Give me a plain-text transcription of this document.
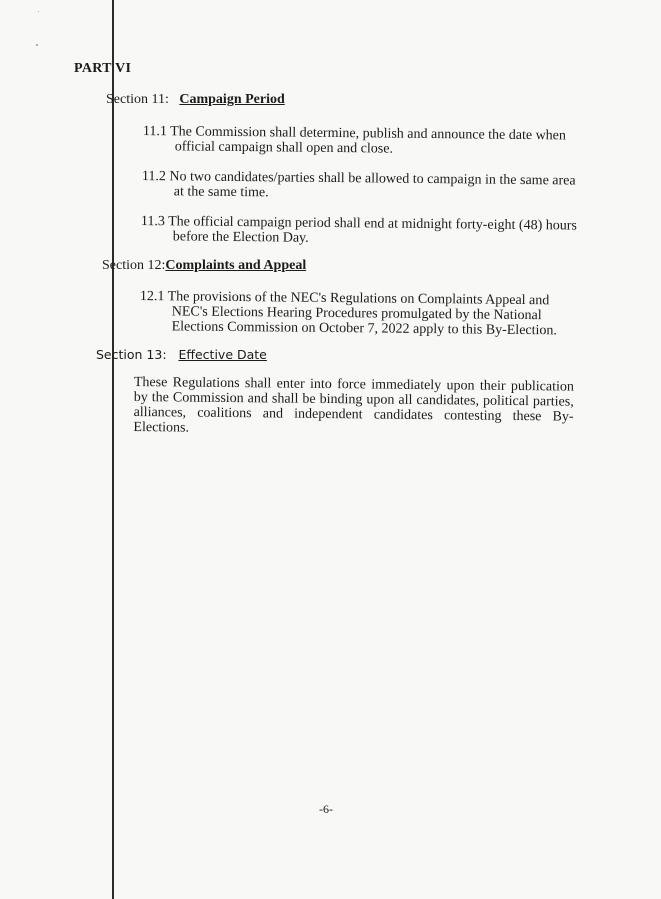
PART VI
Section 11: Campaign Period
11.1 The Commission shall determine, publish and announce the date when
official campaign shall open and close.
11.2 No two candidates/parties shall be allowed to campaign in the same area
at the same time.
11.3 The official campaign period shall end at midnight forty-eight (48) hours
before the Election Day.
Section 12:Complaints and Appeal
12.1 The provisions of the NEC's Regulations on Complaints Appeal and
NEC's Elections Hearing Procedures promulgated by the National
Elections Commission on October 7, 2022 apply to this By-Election.
Section 13: Effective Date
These Regulations shall enter into force immediately upon their publication
by the Commission and shall be binding upon all candidates, political parties,
alliances, coalitions and independent candidates contesting these By-
Elections.
-6-
